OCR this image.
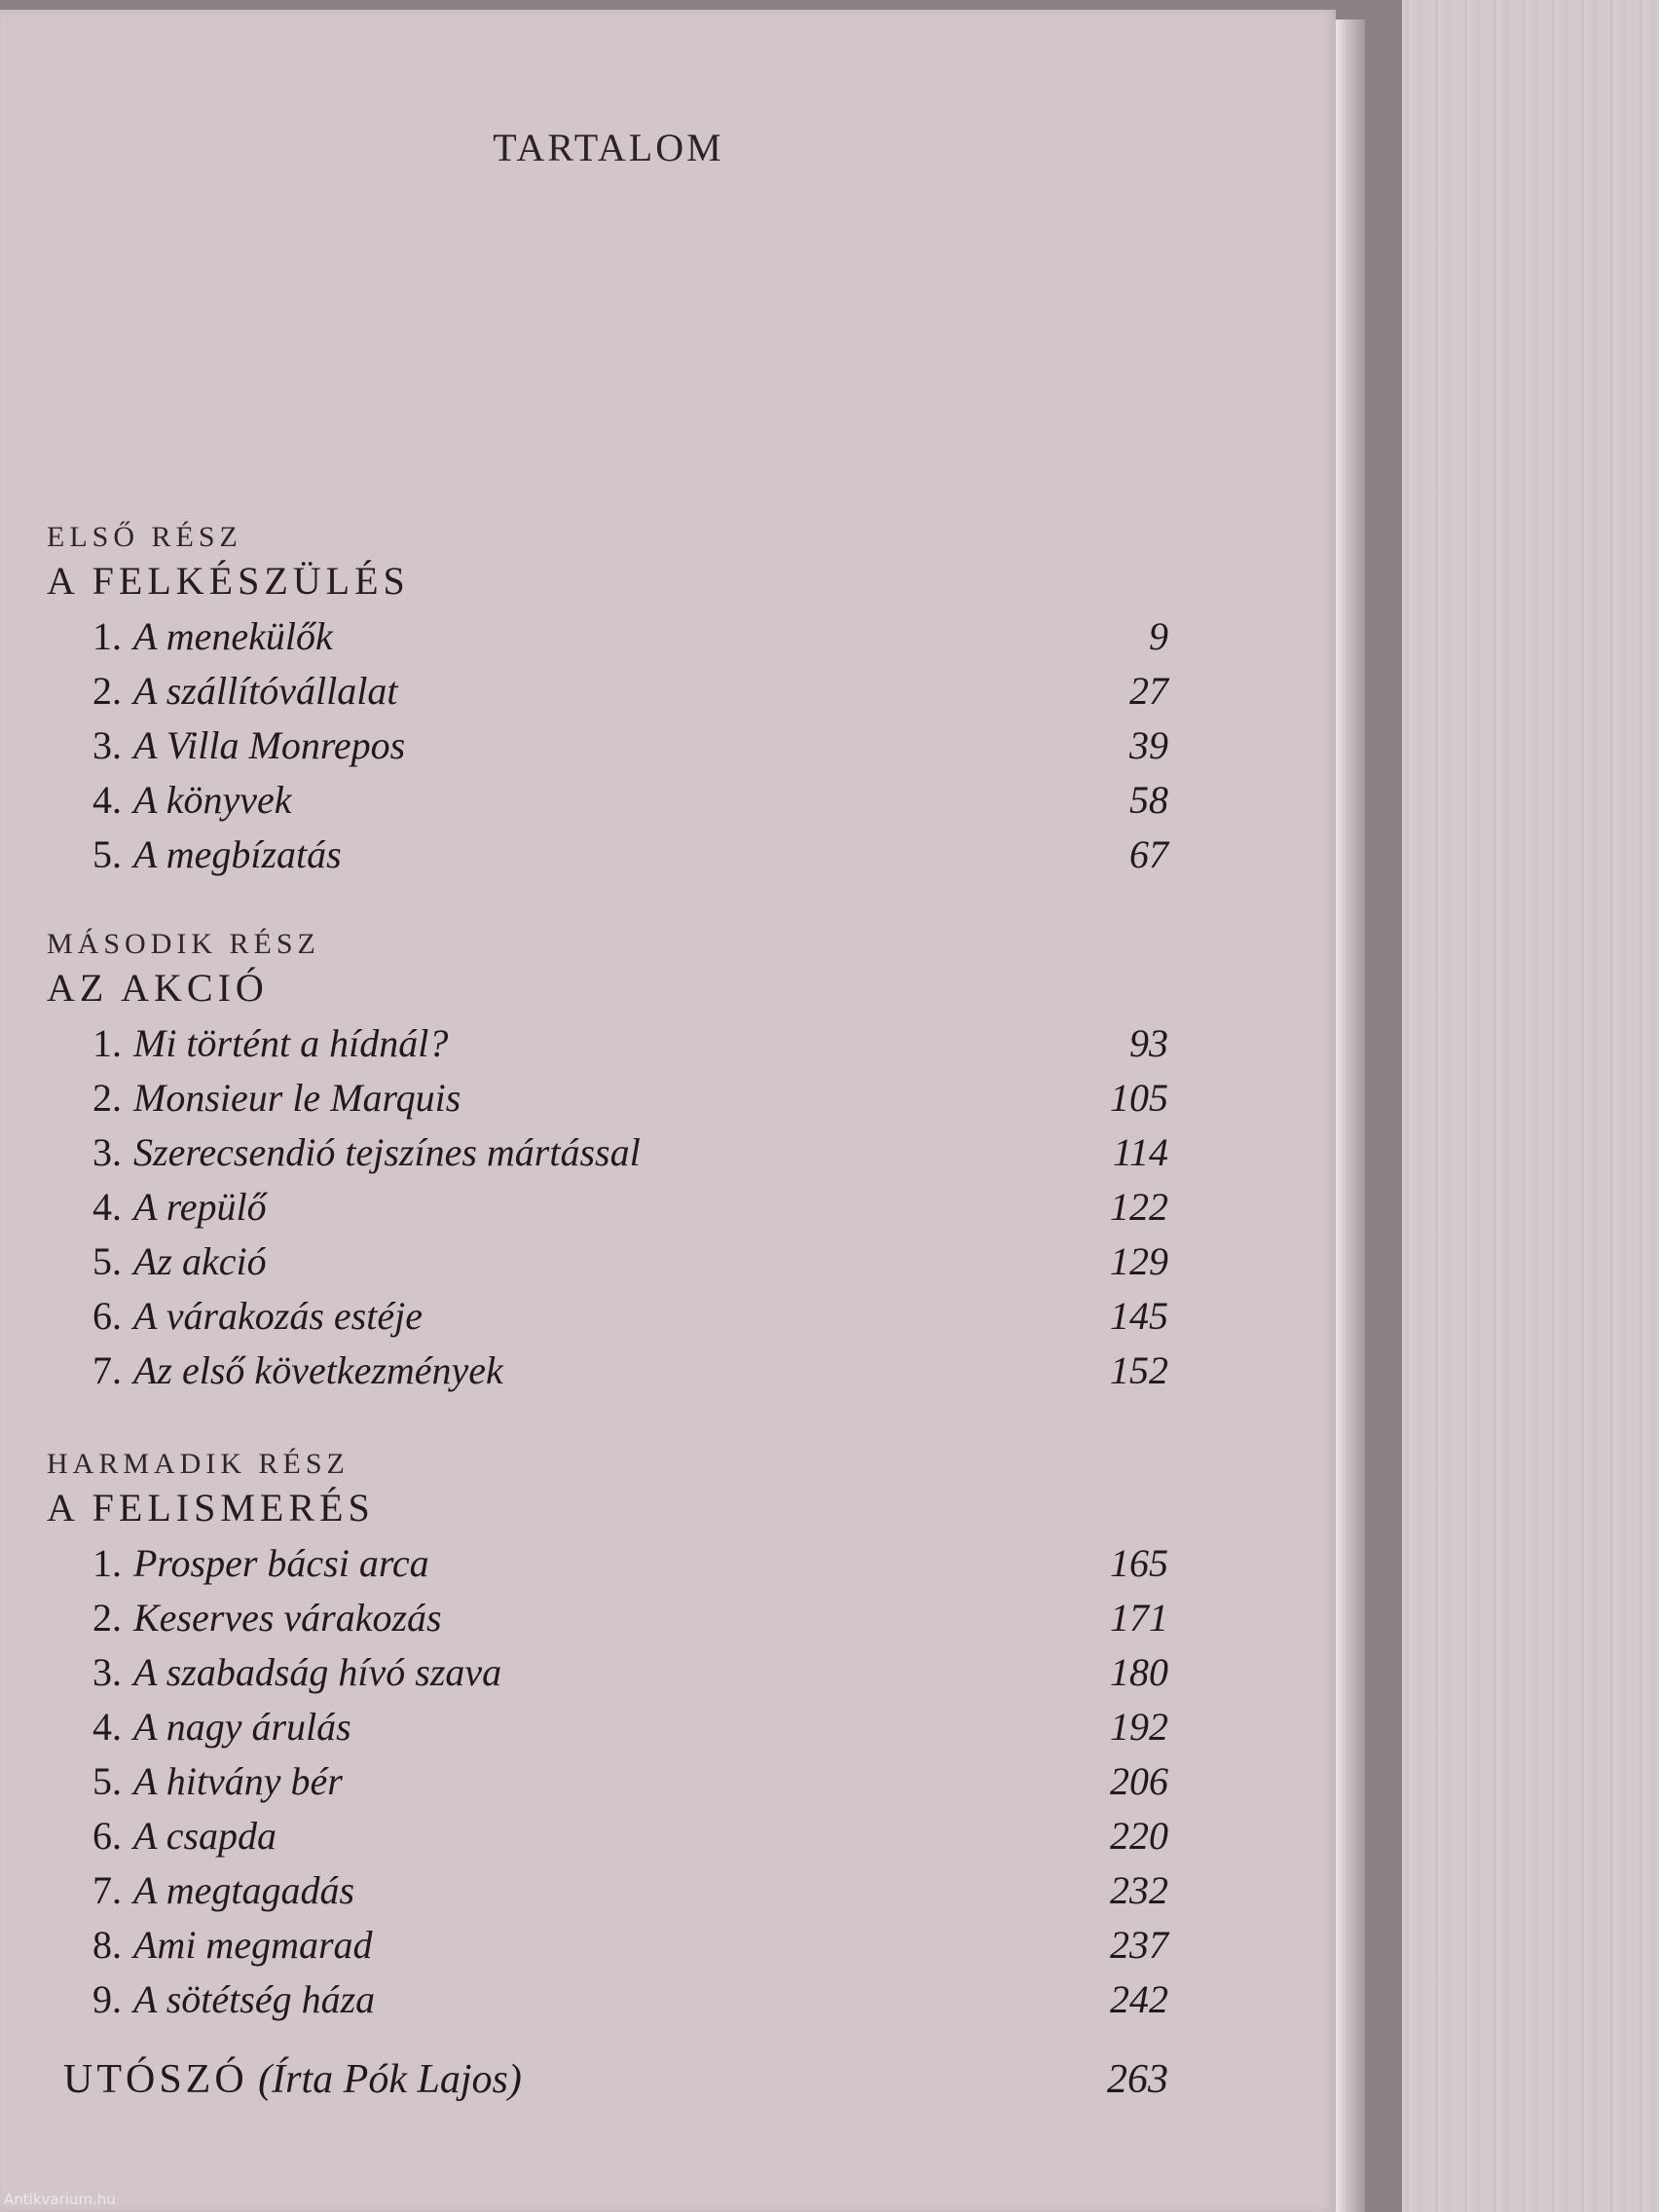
TARTALOM

ELSŐ RÉSZ

A FELKÉSZÜLÉS

1. A menekülők	9
2. A szállítóvállalat	27
3. A Villa Monrepos	39
4. A könyvek	58
5. A megbízatás	67

MÁSODIK RÉSZ

AZ AKCIÓ

1. Mi történt a hídnál?	93
2. Monsieur le Marquis	105
3. Szerecsendió tejszínes mártással	114
4. A repülő	122
5. Az akció	129
6. A várakozás estéje	145
7. Az első következmények	152

HARMADIK RÉSZ

A FELISMERÉS

1. Prosper bácsi arca	165
2. Keserves várakozás	171
3. A szabadság hívó szava	180
4. A nagy árulás	192
5. A hitvány bér	206
6. A csapda	220
7. A megtagadás	232
8. Ami megmarad	237
9. A sötétség háza	242
UTÓSZÓ (Írta Pók Lajos)	263
Antikvarium.hu
